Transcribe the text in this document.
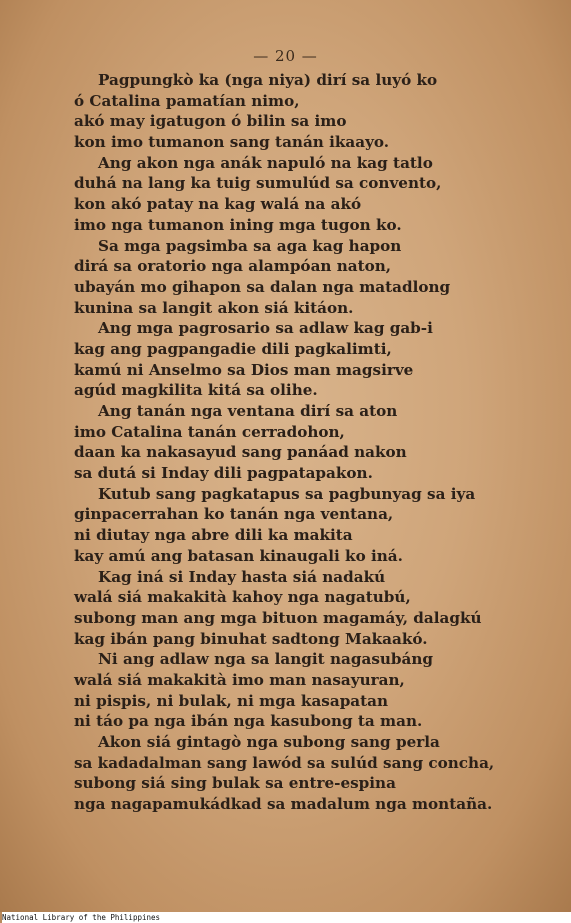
— 20 —
Pagpungkò ka (nga niya) dirí sa luyó ko
ó Catalina pamatían nimo,
akó may igatugon ó bilin sa imo
kon imo tumanon sang tanán ikaayo.
Ang akon nga anák napuló na kag tatlo
duhá na lang ka tuig sumulúd sa convento,
kon akó patay na kag walá na akó
imo nga tumanon ining mga tugon ko.
Sa mga pagsimba sa aga kag hapon
dirá sa oratorio nga alampóan naton,
ubayán mo gihapon sa dalan nga matadlong
kunina sa langit akon siá kitáon.
Ang mga pagrosario sa adlaw kag gab-i
kag ang pagpangadie dili pagkalimti,
kamú ni Anselmo sa Dios man magsirve
agúd magkilita kitá sa olihe.
Ang tanán nga ventana dirí sa aton
imo Catalina tanán cerradohon,
daan ka nakasayud sang panáad nakon
sa dutá si Inday dili pagpatapakon.
Kutub sang pagkatapus sa pagbunyag sa iya
ginpacerrahan ko tanán nga ventana,
ni diutay nga abre dili ka makita
kay amú ang batasan kinaugali ko iná.
Kag iná si Inday hasta siá nadakú
walá siá makakità kahoy nga nagatubú,
subong man ang mga bituon magamáy, dalagkú
kag ibán pang binuhat sadtong Makaakó.
Ni ang adlaw nga sa langit nagasubáng
walá siá makakità imo man nasayuran,
ni pispis, ni bulak, ni mga kasapatan
ni táo pa nga ibán nga kasubong ta man.
Akon siá gintagò nga subong sang perla
sa kadadalman sang lawód sa sulúd sang concha,
subong siá sing bulak sa entre-espina
nga nagapamukádkad sa madalum nga montaña.
National Library of the Philippines
